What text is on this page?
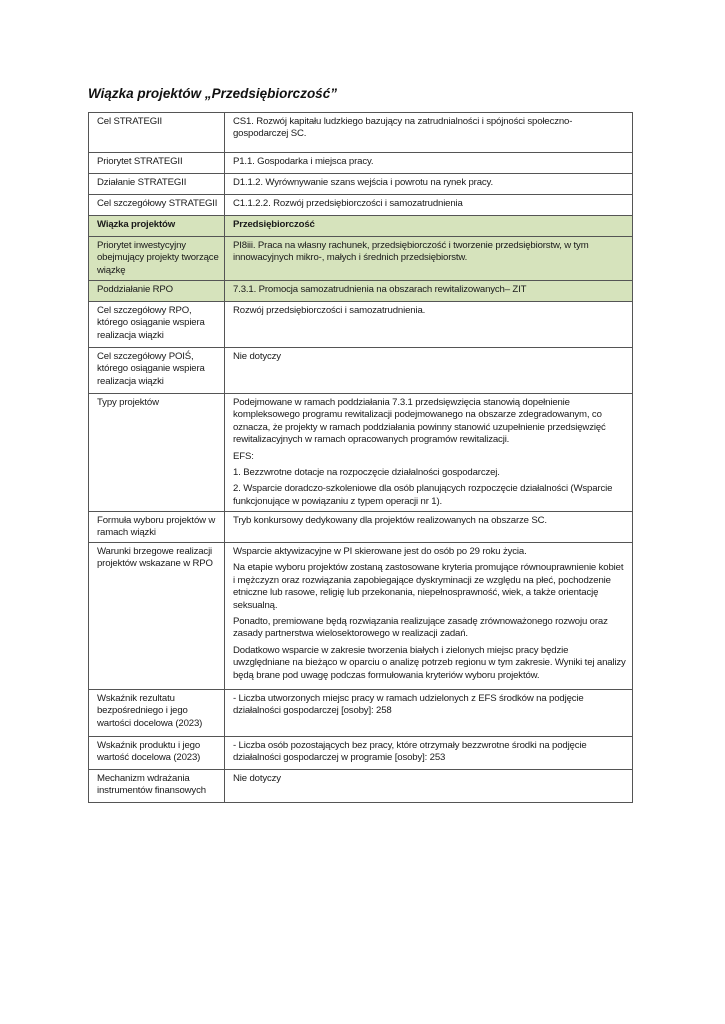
Wiązka projektów „Przedsiębiorczość”
Cel STRATEGII	CS1. Rozwój kapitału ludzkiego bazujący na zatrudnialności i spójności społeczno-gospodarczej SC.

Priorytet STRATEGII	P1.1. Gospodarka i miejsca pracy.

Działanie STRATEGII	D1.1.2. Wyrównywanie szans wejścia i powrotu na rynek pracy.

Cel szczegółowy STRATEGII	C1.1.2.2. Rozwój przedsiębiorczości i samozatrudnienia

Wiązka projektów	Przedsiębiorczość

Priorytet inwestycyjny obejmujący projekty tworzące wiązkę	PI8iii. Praca na własny rachunek, przedsiębiorczość i tworzenie przedsiębiorstw, w tym innowacyjnych mikro-, małych i średnich przedsiębiorstw.

Poddziałanie RPO	7.3.1. Promocja samozatrudnienia na obszarach rewitalizowanych– ZIT

Cel szczegółowy RPO, którego osiąganie wspiera realizacja wiązki	Rozwój przedsiębiorczości i samozatrudnienia.

Cel szczegółowy POIŚ, którego osiąganie wspiera realizacja wiązki	Nie dotyczy

Typy projektów	Podejmowane w ramach poddziałania 7.3.1 przedsięwzięcia stanowią dopełnienie kompleksowego programu rewitalizacji podejmowanego na obszarze zdegradowanym, co oznacza, że projekty w ramach poddziałania powinny stanowić uzupełnienie przedsięwzięć rewitalizacyjnych w ramach opracowanych programów rewitalizacji.

EFS:

1. Bezzwrotne dotacje na rozpoczęcie działalności gospodarczej.

2. Wsparcie doradczo-szkoleniowe dla osób planujących rozpoczęcie działalności (Wsparcie funkcjonujące w powiązaniu z typem operacji nr 1).

Formuła wyboru projektów w ramach wiązki	Tryb konkursowy dedykowany dla projektów realizowanych na obszarze SC.

Warunki brzegowe realizacji projektów wskazane w RPO	Wsparcie aktywizacyjne w PI skierowane jest do osób po 29 roku życia.

Na etapie wyboru projektów zostaną zastosowane kryteria promujące równouprawnienie kobiet i mężczyzn oraz rozwiązania zapobiegające dyskryminacji ze względu na płeć, pochodzenie etniczne lub rasowe, religię lub przekonania, niepełnosprawność, wiek, a także orientację seksualną.

Ponadto, premiowane będą rozwiązania realizujące zasadę zrównoważonego rozwoju oraz zasady partnerstwa wielosektorowego w realizacji zadań.

Dodatkowo wsparcie w zakresie tworzenia białych i zielonych miejsc pracy będzie uwzględniane na bieżąco w oparciu o analizę potrzeb regionu w tym zakresie. Wyniki tej analizy będą brane pod uwagę podczas formułowania kryteriów wyboru projektów.

Wskaźnik rezultatu bezpośredniego i jego wartości docelowa (2023)	- Liczba utworzonych miejsc pracy w ramach udzielonych z EFS środków na podjęcie działalności gospodarczej [osoby]: 258

Wskaźnik produktu i jego wartość docelowa (2023)	- Liczba osób pozostających bez pracy, które otrzymały bezzwrotne środki na podjęcie działalności gospodarczej w programie [osoby]: 253

Mechanizm wdrażania instrumentów finansowych	Nie dotyczy
